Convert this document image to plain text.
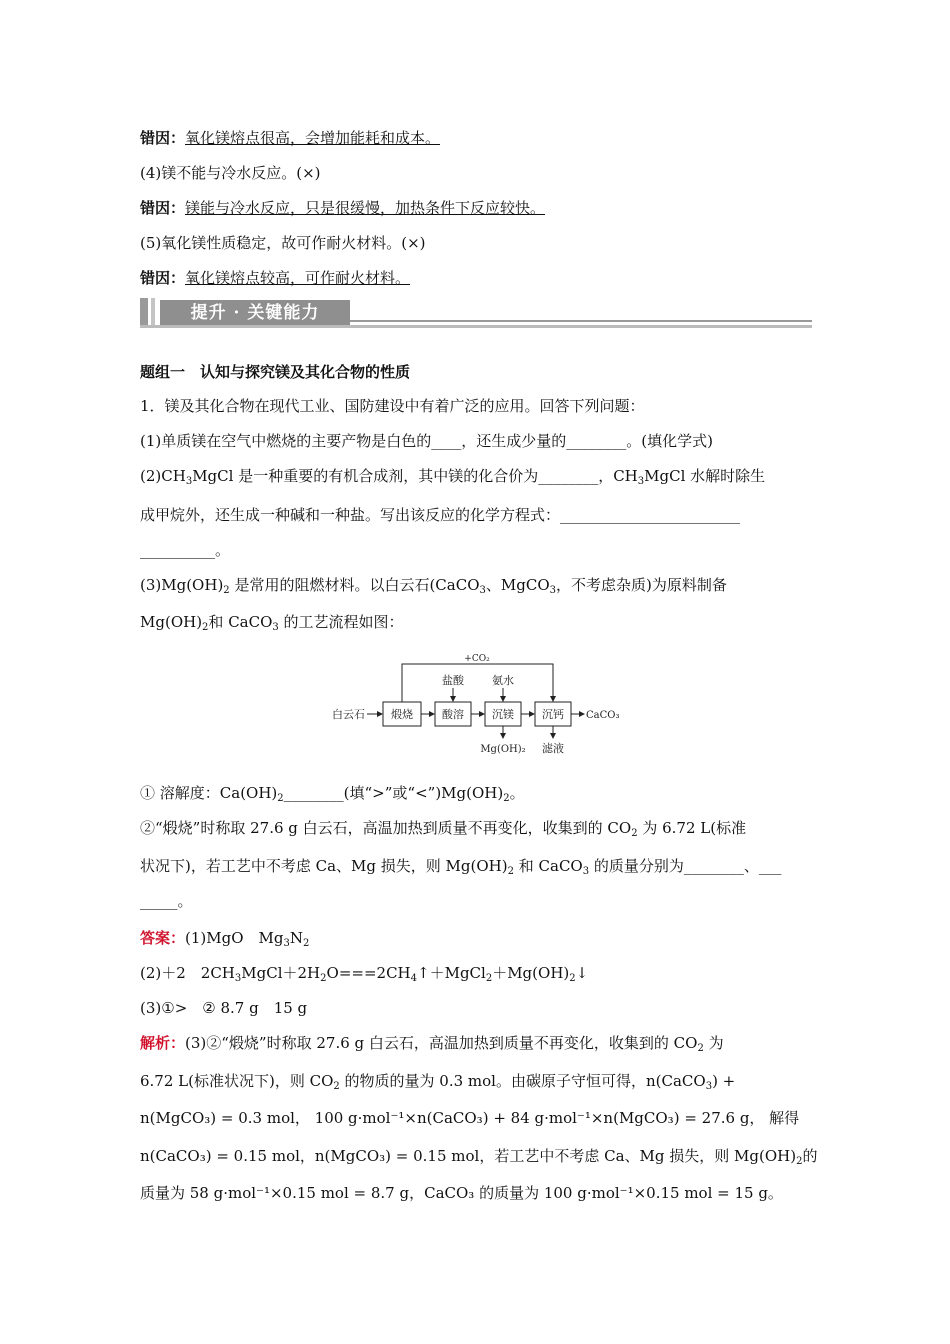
错因：氧化镁熔点很高，会增加能耗和成本。
(4)镁不能与冷水反应。(×)
错因：镁能与冷水反应，只是很缓慢，加热条件下反应较快。
(5)氧化镁性质稳定，故可作耐火材料。(×)
错因：氧化镁熔点较高，可作耐火材料。
提升 · 关键能力
题组一　认知与探究镁及其化合物的性质
1．镁及其化合物在现代工业、国防建设中有着广泛的应用。回答下列问题：
(1)单质镁在空气中燃烧的主要产物是白色的____，还生成少量的________。(填化学式)
$(2)CH_3MgCl$ 是一种重要的有机合成剂，其中镁的化合价为________，$CH_3MgCl$ 水解时除生
成甲烷外，还生成一种碱和一种盐。写出该反应的化学方程式：________________________
__________。
$(3)Mg(OH)_2$ 是常用的阻燃材料。以白云石(CaCO$_3$、MgCO$_3$，不考虑杂质)为原料制备
$Mg(OH)_2$和 CaCO$_3$ 的工艺流程如图：
+CO₂
盐酸	氨水
白云石 煅烧	酸溶	沉镁	沉钙 CaCO₃
Mg(OH)₂ 滤液
① 溶解度：$Ca(OH)_2\_\_\_\_\_\_\_\_$(填“>”或“$<”)Mg(OH)_2$。
②“煅烧”时称取 27.6 g 白云石，高温加热到质量不再变化，收集到的 $CO_2$ 为 6.72 L(标准
状况下)，若工艺中不考虑 Ca、Mg 损失，则 $Mg(OH)_2$ 和 CaCO$_3$ 的质量分别为________、___
_____。
答案：(1)MgO　$Mg_3N_2$
(2)＋2　$2CH_3MgCl+2H_2O===2CH_4↑+MgCl_2+Mg(OH)_2↓$
(3)①>　② 8.7 g　15 g
解析：(3)②“煅烧”时称取 27.6 g 白云石，高温加热到质量不再变化，收集到的 $CO_2$ 为
6.72 L(标准状况下)，则 $CO_2$ 的物质的量为 0.3 mol。由碳原子守恒可得，n(CaCO$_3$) +
n(MgCO₃) = 0.3 mol， 100 g·mol⁻¹×n(CaCO₃) + 84 g·mol⁻¹×n(MgCO₃) = 27.6 g， 解得
n(CaCO₃) = 0.15 mol，n(MgCO₃) = 0.15 mol，若工艺中不考虑 Ca、Mg 损失，则 $Mg(OH)_2$的
质量为 58 g·mol⁻¹×0.15 mol = 8.7 g，CaCO₃ 的质量为 100 g·mol⁻¹×0.15 mol = 15 g。
